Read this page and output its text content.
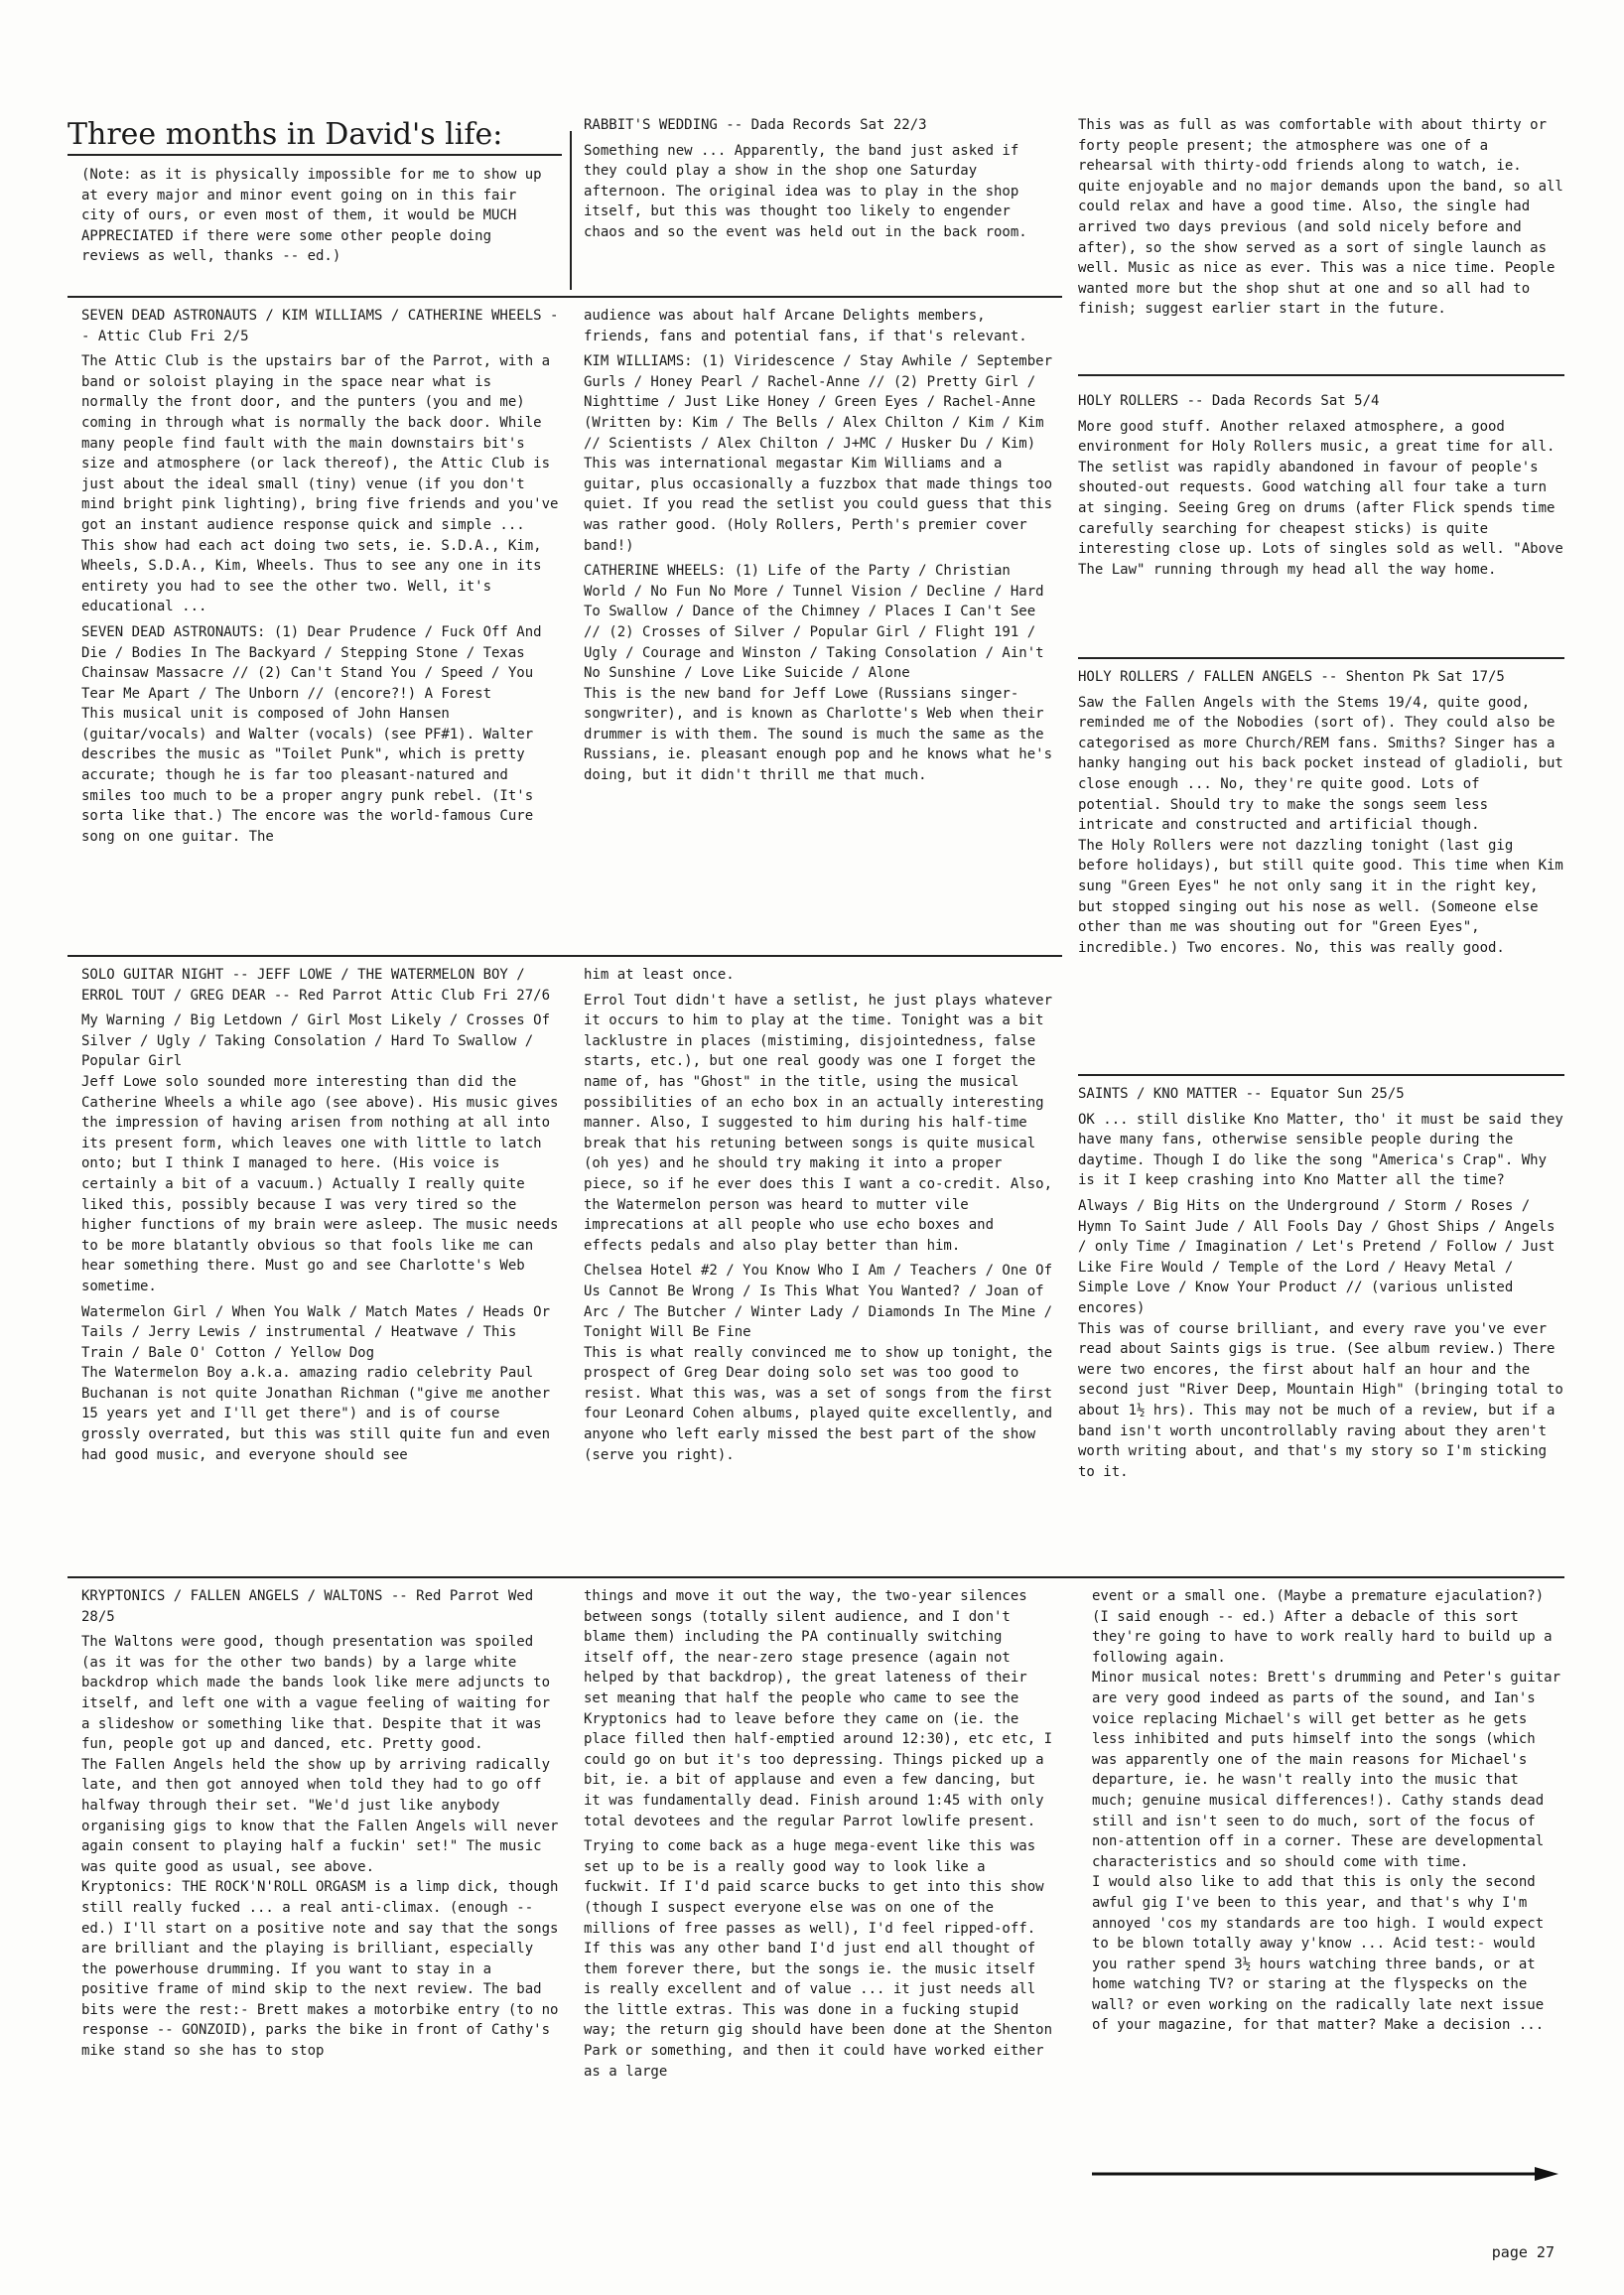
Three months in David's life:

(Note: as it is physically impossible for me to show up at every major and minor event going on in this fair city of ours, or even most of them, it would be MUCH APPRECIATED if there were some other people doing reviews as well, thanks -- ed.)

RABBIT'S WEDDING -- Dada Records Sat 22/3

Something new ... Apparently, the band just asked if they could play a show in the shop one Saturday afternoon. The original idea was to play in the shop itself, but this was thought too likely to engender chaos and so the event was held out in the back room.

This was as full as was comfortable with about thirty or forty people present; the atmosphere was one of a rehearsal with thirty-odd friends along to watch, ie. quite enjoyable and no major demands upon the band, so all could relax and have a good time. Also, the single had arrived two days previous (and sold nicely before and after), so the show served as a sort of single launch as well. Music as nice as ever. This was a nice time. People wanted more but the shop shut at one and so all had to finish; suggest earlier start in the future.

SEVEN DEAD ASTRONAUTS / KIM WILLIAMS / CATHERINE WHEELS -- Attic Club Fri 2/5

The Attic Club is the upstairs bar of the Parrot, with a band or soloist playing in the space near what is normally the front door, and the punters (you and me) coming in through what is normally the back door. While many people find fault with the main downstairs bit's size and atmosphere (or lack thereof), the Attic Club is just about the ideal small (tiny) venue (if you don't mind bright pink lighting), bring five friends and you've got an instant audience response quick and simple ... This show had each act doing two sets, ie. S.D.A., Kim, Wheels, S.D.A., Kim, Wheels. Thus to see any one in its entirety you had to see the other two. Well, it's educational ...

SEVEN DEAD ASTRONAUTS: (1) Dear Prudence / Fuck Off And Die / Bodies In The Backyard / Stepping Stone / Texas Chainsaw Massacre // (2) Can't Stand You / Speed / You Tear Me Apart / The Unborn // (encore?!) A Forest

This musical unit is composed of John Hansen (guitar/vocals) and Walter (vocals) (see PF#1). Walter describes the music as "Toilet Punk", which is pretty accurate; though he is far too pleasant-natured and smiles too much to be a proper angry punk rebel. (It's sorta like that.) The encore was the world-famous Cure song on one guitar. The

audience was about half Arcane Delights members, friends, fans and potential fans, if that's relevant.

KIM WILLIAMS: (1) Viridescence / Stay Awhile / September Gurls / Honey Pearl / Rachel-Anne // (2) Pretty Girl / Nighttime / Just Like Honey / Green Eyes / Rachel-Anne

(Written by: Kim / The Bells / Alex Chilton / Kim / Kim // Scientists / Alex Chilton / J+MC / Husker Du / Kim)

This was international megastar Kim Williams and a guitar, plus occasionally a fuzzbox that made things too quiet. If you read the setlist you could guess that this was rather good. (Holy Rollers, Perth's premier cover band!)

CATHERINE WHEELS: (1) Life of the Party / Christian World / No Fun No More / Tunnel Vision / Decline / Hard To Swallow / Dance of the Chimney / Places I Can't See // (2) Crosses of Silver / Popular Girl / Flight 191 / Ugly / Courage and Winston / Taking Consolation / Ain't No Sunshine / Love Like Suicide / Alone

This is the new band for Jeff Lowe (Russians singer-songwriter), and is known as Charlotte's Web when their drummer is with them. The sound is much the same as the Russians, ie. pleasant enough pop and he knows what he's doing, but it didn't thrill me that much.

HOLY ROLLERS -- Dada Records Sat 5/4

More good stuff. Another relaxed atmosphere, a good environment for Holy Rollers music, a great time for all. The setlist was rapidly abandoned in favour of people's shouted-out requests. Good watching all four take a turn at singing. Seeing Greg on drums (after Flick spends time carefully searching for cheapest sticks) is quite interesting close up. Lots of singles sold as well. "Above The Law" running through my head all the way home.

HOLY ROLLERS / FALLEN ANGELS -- Shenton Pk Sat 17/5

Saw the Fallen Angels with the Stems 19/4, quite good, reminded me of the Nobodies (sort of). They could also be categorised as more Church/REM fans. Smiths? Singer has a hanky hanging out his back pocket instead of gladioli, but close enough ... No, they're quite good. Lots of potential. Should try to make the songs seem less intricate and constructed and artificial though.

The Holy Rollers were not dazzling tonight (last gig before holidays), but still quite good. This time when Kim sung "Green Eyes" he not only sang it in the right key, but stopped singing out his nose as well. (Someone else other than me was shouting out for "Green Eyes", incredible.) Two encores. No, this was really good.

SOLO GUITAR NIGHT -- JEFF LOWE / THE WATERMELON BOY / ERROL TOUT / GREG DEAR -- Red Parrot Attic Club Fri 27/6

My Warning / Big Letdown / Girl Most Likely / Crosses Of Silver / Ugly / Taking Consolation / Hard To Swallow / Popular Girl

Jeff Lowe solo sounded more interesting than did the Catherine Wheels a while ago (see above). His music gives the impression of having arisen from nothing at all into its present form, which leaves one with little to latch onto; but I think I managed to here. (His voice is certainly a bit of a vacuum.) Actually I really quite liked this, possibly because I was very tired so the higher functions of my brain were asleep. The music needs to be more blatantly obvious so that fools like me can hear something there. Must go and see Charlotte's Web sometime.

Watermelon Girl / When You Walk / Match Mates / Heads Or Tails / Jerry Lewis / instrumental / Heatwave / This Train / Bale O' Cotton / Yellow Dog

The Watermelon Boy a.k.a. amazing radio celebrity Paul Buchanan is not quite Jonathan Richman ("give me another 15 years yet and I'll get there") and is of course grossly overrated, but this was still quite fun and even had good music, and everyone should see

him at least once.

Errol Tout didn't have a setlist, he just plays whatever it occurs to him to play at the time. Tonight was a bit lacklustre in places (mistiming, disjointedness, false starts, etc.), but one real goody was one I forget the name of, has "Ghost" in the title, using the musical possibilities of an echo box in an actually interesting manner. Also, I suggested to him during his half-time break that his retuning between songs is quite musical (oh yes) and he should try making it into a proper piece, so if he ever does this I want a co-credit. Also, the Watermelon person was heard to mutter vile imprecations at all people who use echo boxes and effects pedals and also play better than him.

Chelsea Hotel #2 / You Know Who I Am / Teachers / One Of Us Cannot Be Wrong / Is This What You Wanted? / Joan of Arc / The Butcher / Winter Lady / Diamonds In The Mine / Tonight Will Be Fine

This is what really convinced me to show up tonight, the prospect of Greg Dear doing solo set was too good to resist. What this was, was a set of songs from the first four Leonard Cohen albums, played quite excellently, and anyone who left early missed the best part of the show (serve you right).

SAINTS / KNO MATTER -- Equator Sun 25/5

OK ... still dislike Kno Matter, tho' it must be said they have many fans, otherwise sensible people during the daytime. Though I do like the song "America's Crap". Why is it I keep crashing into Kno Matter all the time?

Always / Big Hits on the Underground / Storm / Roses / Hymn To Saint Jude / All Fools Day / Ghost Ships / Angels / only Time / Imagination / Let's Pretend / Follow / Just Like Fire Would / Temple of the Lord / Heavy Metal / Simple Love / Know Your Product // (various unlisted encores)

This was of course brilliant, and every rave you've ever read about Saints gigs is true. (See album review.) There were two encores, the first about half an hour and the second just "River Deep, Mountain High" (bringing total to about 1½ hrs). This may not be much of a review, but if a band isn't worth uncontrollably raving about they aren't worth writing about, and that's my story so I'm sticking to it.

KRYPTONICS / FALLEN ANGELS / WALTONS -- Red Parrot Wed 28/5

The Waltons were good, though presentation was spoiled (as it was for the other two bands) by a large white backdrop which made the bands look like mere adjuncts to itself, and left one with a vague feeling of waiting for a slideshow or something like that. Despite that it was fun, people got up and danced, etc. Pretty good.

The Fallen Angels held the show up by arriving radically late, and then got annoyed when told they had to go off halfway through their set. "We'd just like anybody organising gigs to know that the Fallen Angels will never again consent to playing half a fuckin' set!" The music was quite good as usual, see above.

Kryptonics: THE ROCK'N'ROLL ORGASM is a limp dick, though still really fucked ... a real anti-climax. (enough -- ed.) I'll start on a positive note and say that the songs are brilliant and the playing is brilliant, especially the powerhouse drumming. If you want to stay in a positive frame of mind skip to the next review. The bad bits were the rest:- Brett makes a motorbike entry (to no response -- GONZOID), parks the bike in front of Cathy's mike stand so she has to stop

things and move it out the way, the two-year silences between songs (totally silent audience, and I don't blame them) including the PA continually switching itself off, the near-zero stage presence (again not helped by that backdrop), the great lateness of their set meaning that half the people who came to see the Kryptonics had to leave before they came on (ie. the place filled then half-emptied around 12:30), etc etc, I could go on but it's too depressing. Things picked up a bit, ie. a bit of applause and even a few dancing, but it was fundamentally dead. Finish around 1:45 with only total devotees and the regular Parrot lowlife present.

Trying to come back as a huge mega-event like this was set up to be is a really good way to look like a fuckwit. If I'd paid scarce bucks to get into this show (though I suspect everyone else was on one of the millions of free passes as well), I'd feel ripped-off. If this was any other band I'd just end all thought of them forever there, but the songs ie. the music itself is really excellent and of value ... it just needs all the little extras. This was done in a fucking stupid way; the return gig should have been done at the Shenton Park or something, and then it could have worked either as a large

event or a small one. (Maybe a premature ejaculation?) (I said enough -- ed.) After a debacle of this sort they're going to have to work really hard to build up a following again.

Minor musical notes: Brett's drumming and Peter's guitar are very good indeed as parts of the sound, and Ian's voice replacing Michael's will get better as he gets less inhibited and puts himself into the songs (which was apparently one of the main reasons for Michael's departure, ie. he wasn't really into the music that much; genuine musical differences!). Cathy stands dead still and isn't seen to do much, sort of the focus of non-attention off in a corner. These are developmental characteristics and so should come with time.

I would also like to add that this is only the second awful gig I've been to this year, and that's why I'm annoyed 'cos my standards are too high. I would expect to be blown totally away y'know ... Acid test:- would you rather spend 3½ hours watching three bands, or at home watching TV? or staring at the flyspecks on the wall? or even working on the radically late next issue of your magazine, for that matter? Make a decision ...

page 27
